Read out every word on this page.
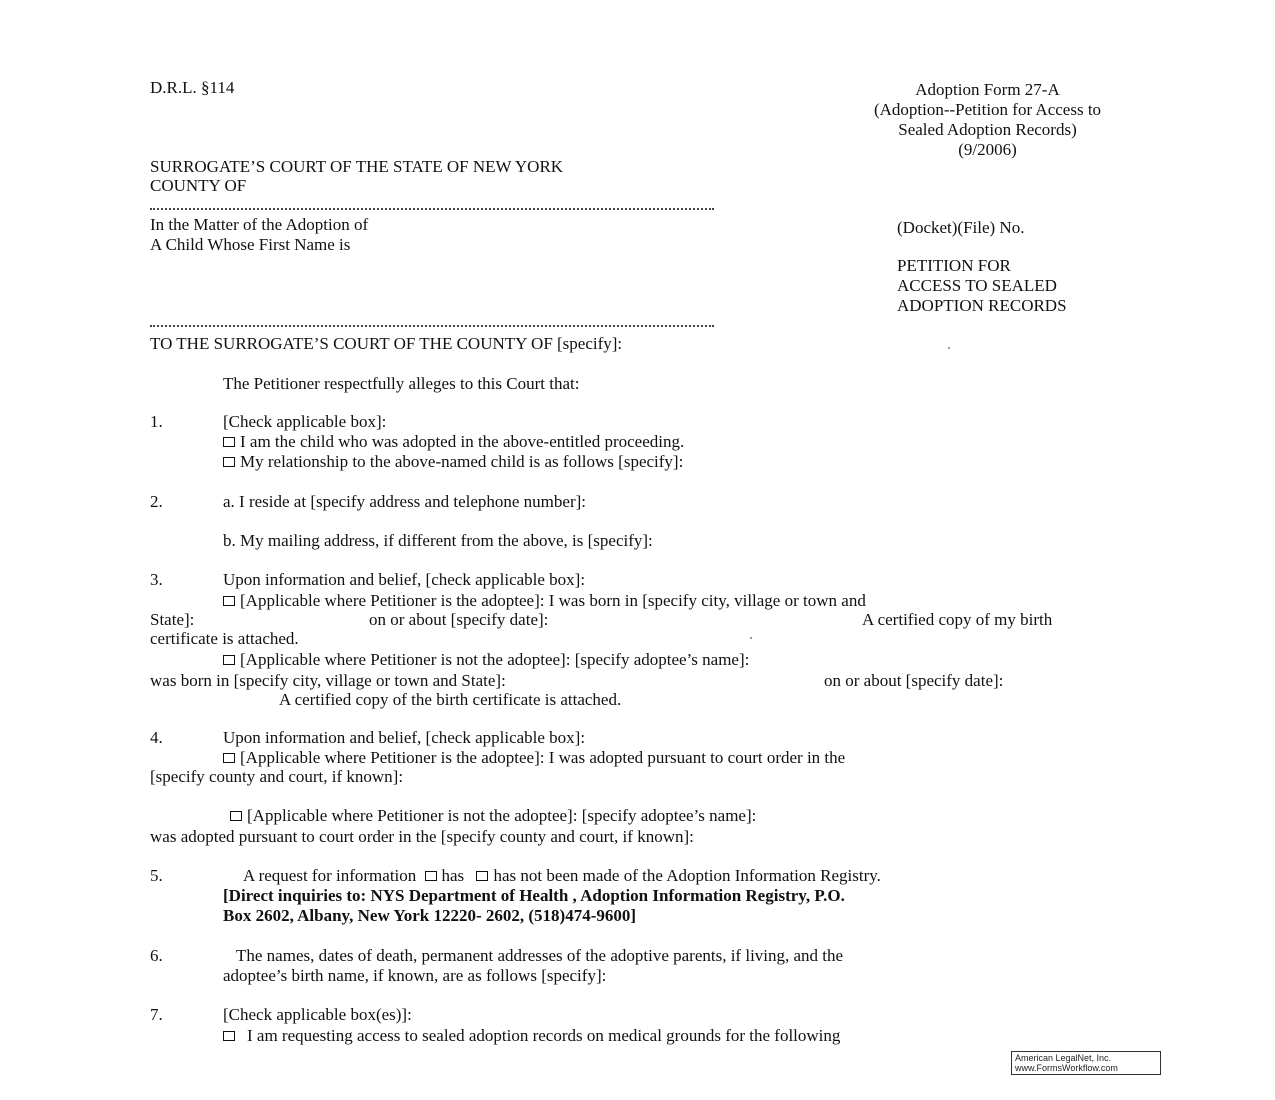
D.R.L. §114	Adoption Form 27-A
(Adoption--Petition for Access to
Sealed Adoption Records)
(9/2006)
SURROGATE’S COURT OF THE STATE OF NEW YORK
COUNTY OF
In the Matter of the Adoption of
A Child Whose First Name is
(Docket)(File) No.
PETITION FOR
ACCESS TO SEALED
ADOPTION RECORDS
TO THE SURROGATE’S COURT OF THE COUNTY OF [specify]:
The Petitioner respectfully alleges to this Court that:
1.	[Check applicable box]:
I am the child who was adopted in the above-entitled proceeding.
My relationship to the above-named child is as follows [specify]:
2.	a. I reside at [specify address and telephone number]:
b. My mailing address, if different from the above, is [specify]:
3.	Upon information and belief, [check applicable box]:
[Applicable where Petitioner is the adoptee]: I was born in [specify city, village or town and
State]:	on or about [specify date]:	A certified copy of my birth
certificate is attached.
[Applicable where Petitioner is not the adoptee]: [specify adoptee’s name]:
was born in [specify city, village or town and State]:	on or about [specify date]:
A certified copy of the birth certificate is attached.
4.	Upon information and belief, [check applicable box]:
[Applicable where Petitioner is the adoptee]: I was adopted pursuant to court order in the
[specify county and court, if known]:
[Applicable where Petitioner is not the adoptee]: [specify adoptee’s name]:
was adopted pursuant to court order in the [specify county and court, if known]:
5.	A request for information has has not been made of the Adoption Information Registry.
[Direct inquiries to: NYS Department of Health , Adoption Information Registry, P.O.
Box 2602, Albany, New York 12220- 2602, (518)474-9600]
6.	The names, dates of death, permanent addresses of the adoptive parents, if living, and the
adoptee’s birth name, if known, are as follows [specify]:
7.	[Check applicable box(es)]:
I am requesting access to sealed adoption records on medical grounds for the following
American LegalNet, Inc.
www.FormsWorkflow.com
